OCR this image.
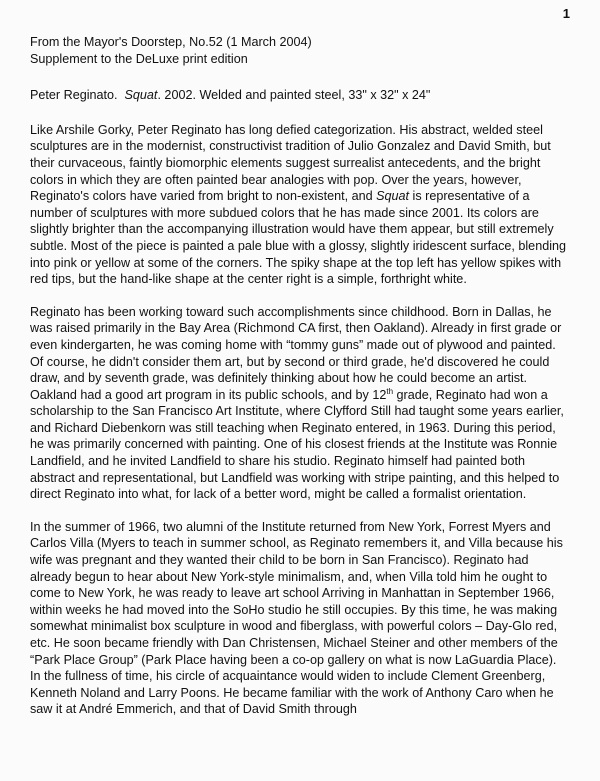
1
From the Mayor's Doorstep, No.52 (1 March 2004)
Supplement to the DeLuxe print edition
Peter Reginato. Squat. 2002. Welded and painted steel, 33" x 32" x 24"

Like Arshile Gorky, Peter Reginato has long defied categorization. His abstract, welded steel sculptures are in the modernist, constructivist tradition of Julio Gonzalez and David Smith, but their curvaceous, faintly biomorphic elements suggest surrealist antecedents, and the bright colors in which they are often painted bear analogies with pop. Over the years, however, Reginato's colors have varied from bright to non-existent, and Squat is representative of a number of sculptures with more subdued colors that he has made since 2001. Its colors are slightly brighter than the accompanying illustration would have them appear, but still extremely subtle. Most of the piece is painted a pale blue with a glossy, slightly iridescent surface, blending into pink or yellow at some of the corners. The spiky shape at the top left has yellow spikes with red tips, but the hand-like shape at the center right is a simple, forthright white.

Reginato has been working toward such accomplishments since childhood. Born in Dallas, he was raised primarily in the Bay Area (Richmond CA first, then Oakland). Already in first grade or even kindergarten, he was coming home with “tommy guns” made out of plywood and painted. Of course, he didn't consider them art, but by second or third grade, he'd discovered he could draw, and by seventh grade, was definitely thinking about how he could become an artist. Oakland had a good art program in its public schools, and by 12th grade, Reginato had won a scholarship to the San Francisco Art Institute, where Clyfford Still had taught some years earlier, and Richard Diebenkorn was still teaching when Reginato entered, in 1963. During this period, he was primarily concerned with painting. One of his closest friends at the Institute was Ronnie Landfield, and he invited Landfield to share his studio. Reginato himself had painted both abstract and representational, but Landfield was working with stripe painting, and this helped to direct Reginato into what, for lack of a better word, might be called a formalist orientation.

In the summer of 1966, two alumni of the Institute returned from New York, Forrest Myers and Carlos Villa (Myers to teach in summer school, as Reginato remembers it, and Villa because his wife was pregnant and they wanted their child to be born in San Francisco). Reginato had already begun to hear about New York-style minimalism, and, when Villa told him he ought to come to New York, he was ready to leave art school Arriving in Manhattan in September 1966, within weeks he had moved into the SoHo studio he still occupies. By this time, he was making somewhat minimalist box sculpture in wood and fiberglass, with powerful colors – Day-Glo red, etc. He soon became friendly with Dan Christensen, Michael Steiner and other members of the “Park Place Group” (Park Place having been a co-op gallery on what is now LaGuardia Place). In the fullness of time, his circle of acquaintance would widen to include Clement Greenberg, Kenneth Noland and Larry Poons. He became familiar with the work of Anthony Caro when he saw it at André Emmerich, and that of David Smith through
